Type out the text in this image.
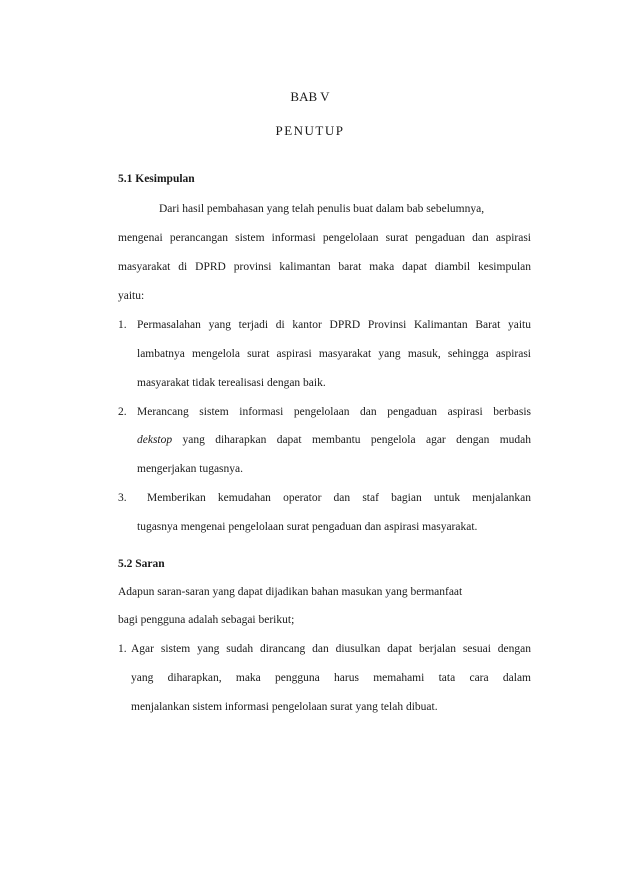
BAB V
PENUTUP
5.1 Kesimpulan
Dari hasil pembahasan yang telah penulis buat dalam bab sebelumnya,
mengenai perancangan sistem informasi pengelolaan surat pengaduan dan aspirasi
masyarakat di DPRD provinsi kalimantan barat maka dapat diambil kesimpulan
yaitu:
1. Permasalahan yang terjadi di kantor DPRD Provinsi Kalimantan Barat yaitu
lambatnya mengelola surat aspirasi masyarakat yang masuk, sehingga aspirasi
masyarakat tidak terealisasi dengan baik.
2. Merancang sistem informasi pengelolaan dan pengaduan aspirasi berbasis
dekstop yang diharapkan dapat membantu pengelola agar dengan mudah
mengerjakan tugasnya.
3. Memberikan kemudahan operator dan staf bagian untuk menjalankan
tugasnya mengenai pengelolaan surat pengaduan dan aspirasi masyarakat.
5.2 Saran
Adapun saran-saran yang dapat dijadikan bahan masukan yang bermanfaat
bagi pengguna adalah sebagai berikut;
1. Agar sistem yang sudah dirancang dan diusulkan dapat berjalan sesuai dengan
yang diharapkan, maka pengguna harus memahami tata cara dalam
menjalankan sistem informasi pengelolaan surat yang telah dibuat.
